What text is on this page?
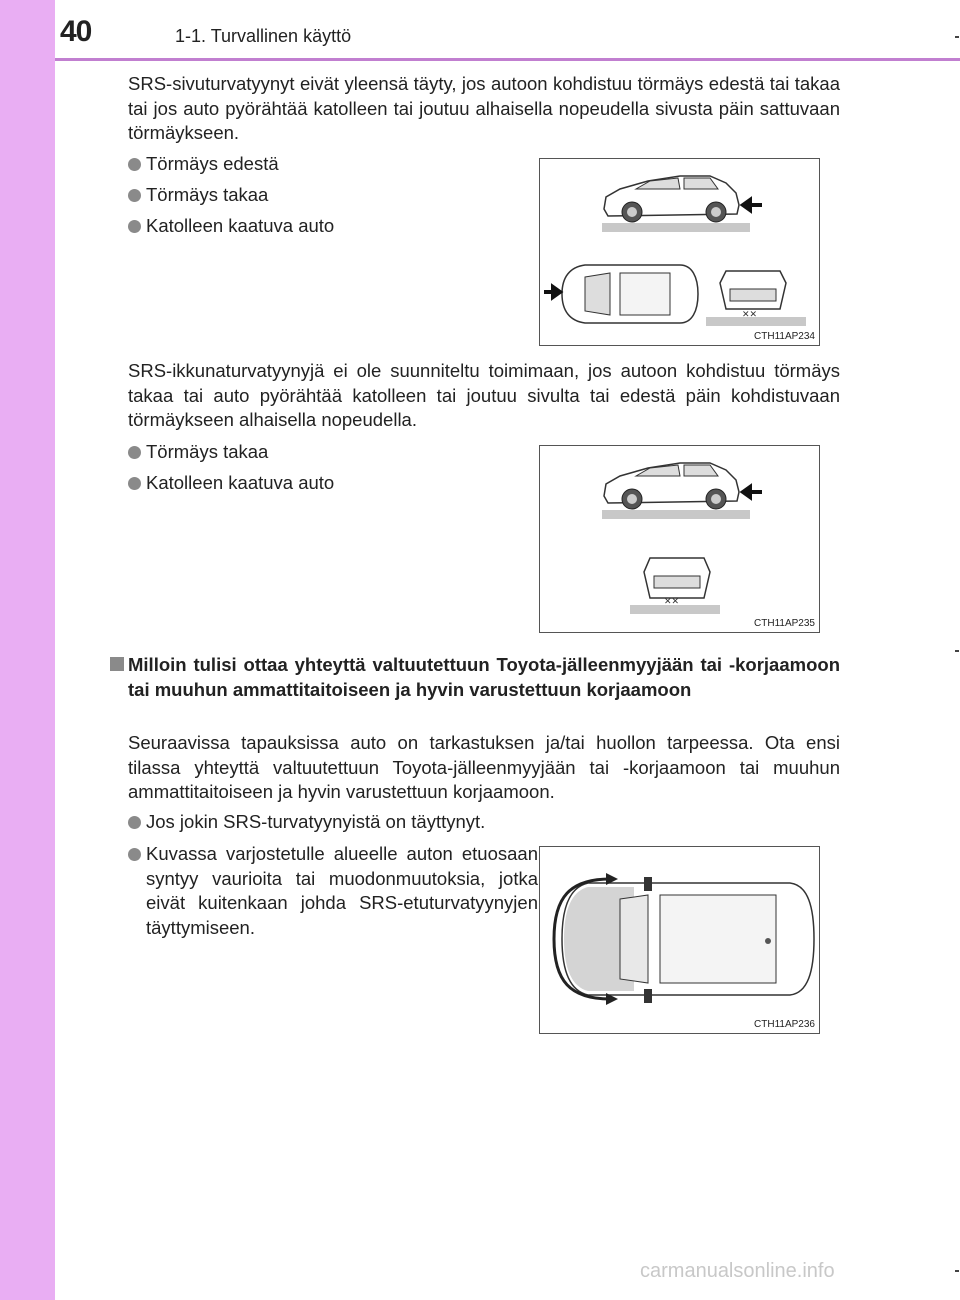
40	1-1. Turvallinen käyttö
SRS-sivuturvatyynyt eivät yleensä täyty, jos autoon kohdistuu törmäys edestä tai takaa tai jos auto pyörähtää katolleen tai joutuu alhaisella nopeudella sivusta päin sattuvaan törmäykseen.
Törmäys edestä
Törmäys takaa
Katolleen kaatuva auto
✕✕
CTH11AP234
SRS-ikkunaturvatyynyjä ei ole suunniteltu toimimaan, jos autoon kohdistuu törmäys takaa tai auto pyörähtää katolleen tai joutuu sivulta tai edestä päin kohdistuvaan törmäykseen alhaisella nopeudella.
Törmäys takaa
Katolleen kaatuva auto
✕✕
CTH11AP235
Milloin tulisi ottaa yhteyttä valtuutettuun Toyota-jälleenmyyjään tai -korjaamoon tai muuhun ammattitaitoiseen ja hyvin varustettuun korjaamoon
Seuraavissa tapauksissa auto on tarkastuksen ja/tai huollon tarpeessa. Ota ensi tilassa yhteyttä valtuutettuun Toyota-jälleenmyyjään tai -korjaamoon tai muuhun ammattitaitoiseen ja hyvin varustettuun korjaamoon.
Jos jokin SRS-turvatyynyistä on täyttynyt.
Kuvassa varjostetulle alueelle auton etuosaan syntyy vaurioita tai muodonmuutoksia, jotka eivät kuitenkaan johda SRS-etuturvatyynyjen täyttymiseen.
CTH11AP236
carmanualsonline.info
